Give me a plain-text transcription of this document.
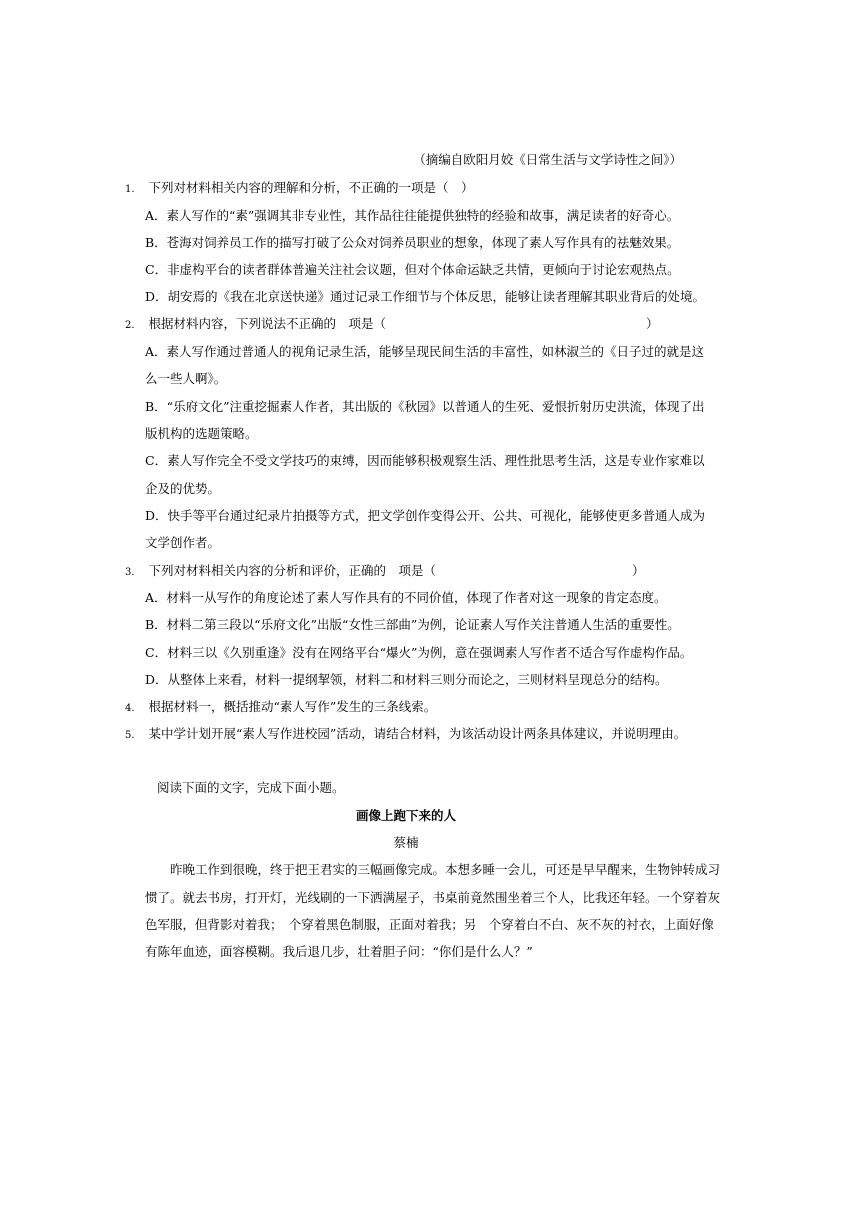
（摘编自欧阳月姣《日常生活与文学诗性之间》）
1. 下列对材料相关内容的理解和分析，不正确的一项是（　）
A．素人写作的“素”强调其非专业性，其作品往往能提供独特的经验和故事，满足读者的好奇心。
B．苍海对饲养员工作的描写打破了公众对饲养员职业的想象，体现了素人写作具有的祛魅效果。
C．非虚构平台的读者群体普遍关注社会议题，但对个体命运缺乏共情，更倾向于讨论宏观热点。
D．胡安焉的《我在北京送快递》通过记录工作细节与个体反思，能够让读者理解其职业背后的处境。
2. 根据材料内容，下列说法不正确的　项是（	）
A．素人写作通过普通人的视角记录生活，能够呈现民间生活的丰富性，如林淑兰的《日子过的就是这
么一些人啊》。
B．“乐府文化”注重挖掘素人作者，其出版的《秋园》以普通人的生死、爱恨折射历史洪流，体现了出
版机构的选题策略。
C．素人写作完全不受文学技巧的束缚，因而能够积极观察生活、理性批思考生活，这是专业作家难以
企及的优势。
D．快手等平台通过纪录片拍摄等方式，把文学创作变得公开、公共、可视化，能够使更多普通人成为
文学创作者。
3. 下列对材料相关内容的分析和评价，正确的　项是（	）
A．材料一从写作的角度论述了素人写作具有的不同价值，体现了作者对这一现象的肯定态度。
B．材料二第三段以“乐府文化”出版“女性三部曲”为例，论证素人写作关注普通人生活的重要性。
C．材料三以《久别重逢》没有在网络平台“爆火”为例，意在强调素人写作者不适合写作虚构作品。
D．从整体上来看，材料一提纲挈领，材料二和材料三则分而论之，三则材料呈现总分的结构。
4. 根据材料一，概括推动“素人写作”发生的三条线索。
5. 某中学计划开展“素人写作进校园”活动，请结合材料，为该活动设计两条具体建议，并说明理由。
阅读下面的文字，完成下面小题。
画像上跑下来的人
蔡楠
昨晚工作到很晚，终于把王君实的三幅画像完成。本想多睡一会儿，可还是早早醒来，生物钟转成习
惯了。就去书房，打开灯，光线刷的一下洒满屋子，书桌前竟然围坐着三个人，比我还年轻。一个穿着灰
色军服，但背影对着我；　个穿着黑色制服，正面对着我；另　个穿着白不白、灰不灰的衬衣，上面好像
有陈年血迹，面容模糊。我后退几步，壮着胆子问：“你们是什么人？”
